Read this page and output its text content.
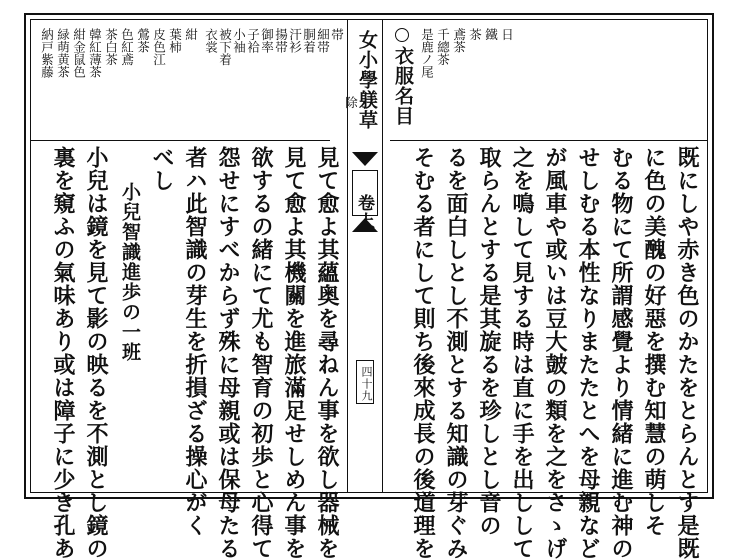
女小學躾草
卷上
四十九
納戸紫藤 緑萌黄茶 紺金鼠色 韓紅薄茶 茶白茶 色紅鳶 鶯茶 皮色江 葉柿 紺 衣裳 被下着 小袖 子袷 御率 揚帯 汗衫 胴着 細帯 帯
除 衣服名目 是鹿ノ尾 千總茶 鳶茶 茶 鐵 日
既にしや赤き色のかたをとらんとす是既
に色の美醜の好惡を撰む知慧の萌しそ
むる物にて所謂感覺より情緒に進む神の
せしむる本性なりまたたとへを母親など
が風車や或いは豆大皷の類を之をさゝげ
之を鳴して見する時は直に手を出しして
取らんとする是其旋るを珍しとし音の
るを面白しとし不測とする知識の芽ぐみ
そむる者にして則ち後來成長の後道理を
見て愈よ其蘊奥を尋ねん事を欲し器械を
見て愈よ其機關を進旅滿足せしめん事を
欲するの緒にて尤も智育の初歩と心得て
怨せにすべからず殊に母親或は保母たる
者ハ此智識の芽生を折損ざる操心がく
べし
小兒智識進歩の一班
小兒は鏡を見て影の映るを不測とし鏡の
裏を窺ふの氣味あり或は障子に少き孔あ
